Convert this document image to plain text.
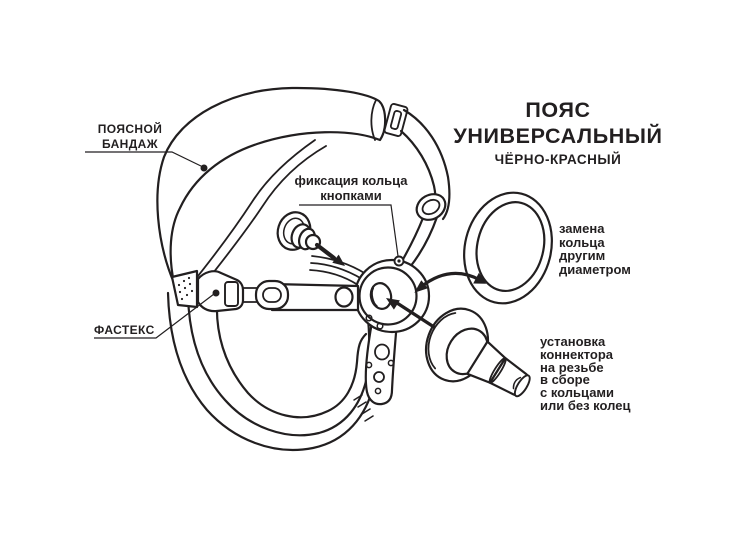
ПОЯС
УНИВЕРСАЛЬНЫЙ
ЧЁРНО-КРАСНЫЙ
ПОЯСНОЙ
БАНДАЖ
фиксация кольца
кнопками
ФАСТЕКС
замена
кольца
другим
диаметром
установка
коннектора
на резьбе
в сборе
с кольцами
или без колец
